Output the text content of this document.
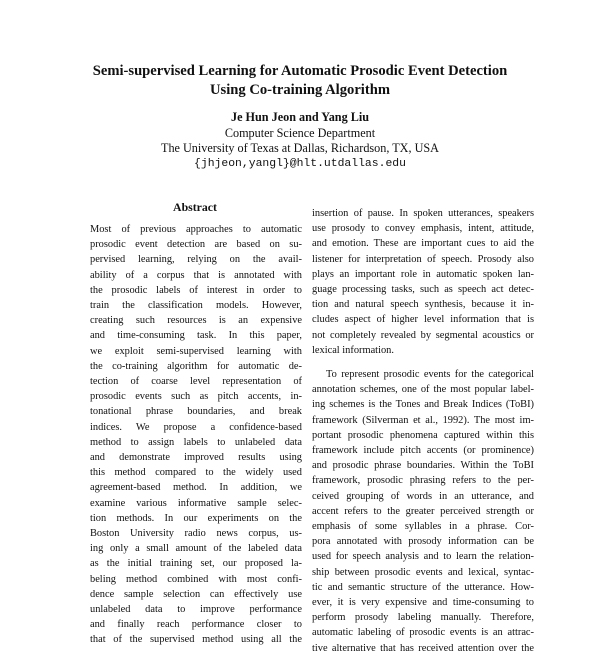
Semi-supervised Learning for Automatic Prosodic Event Detection
Using Co-training Algorithm
Je Hun Jeon and Yang Liu
Computer Science Department
The University of Texas at Dallas, Richardson, TX, USA
{jhjeon,yangl}@hlt.utdallas.edu
Abstract
Most of previous approaches to automatic
prosodic event detection are based on su-
pervised learning, relying on the avail-
ability of a corpus that is annotated with
the prosodic labels of interest in order to
train the classification models. However,
creating such resources is an expensive
and time-consuming task. In this paper,
we exploit semi-supervised learning with
the co-training algorithm for automatic de-
tection of coarse level representation of
prosodic events such as pitch accents, in-
tonational phrase boundaries, and break
indices. We propose a confidence-based
method to assign labels to unlabeled data
and demonstrate improved results using
this method compared to the widely used
agreement-based method. In addition, we
examine various informative sample selec-
tion methods. In our experiments on the
Boston University radio news corpus, us-
ing only a small amount of the labeled data
as the initial training set, our proposed la-
beling method combined with most confi-
dence sample selection can effectively use
unlabeled data to improve performance
and finally reach performance closer to
that of the supervised method using all the

insertion of pause. In spoken utterances, speakers
use prosody to convey emphasis, intent, attitude,
and emotion. These are important cues to aid the
listener for interpretation of speech. Prosody also
plays an important role in automatic spoken lan-
guage processing tasks, such as speech act detec-
tion and natural speech synthesis, because it in-
cludes aspect of higher level information that is
not completely revealed by segmental acoustics or
lexical information.

To represent prosodic events for the categorical
annotation schemes, one of the most popular label-
ing schemes is the Tones and Break Indices (ToBI)
framework (Silverman et al., 1992). The most im-
portant prosodic phenomena captured within this
framework include pitch accents (or prominence)
and prosodic phrase boundaries. Within the ToBI
framework, prosodic phrasing refers to the per-
ceived grouping of words in an utterance, and
accent refers to the greater perceived strength or
emphasis of some syllables in a phrase. Cor-
pora annotated with prosody information can be
used for speech analysis and to learn the relation-
ship between prosodic events and lexical, syntac-
tic and semantic structure of the utterance. How-
ever, it is very expensive and time-consuming to
perform prosody labeling manually. Therefore,
automatic labeling of prosodic events is an attrac-
tive alternative that has received attention over the
